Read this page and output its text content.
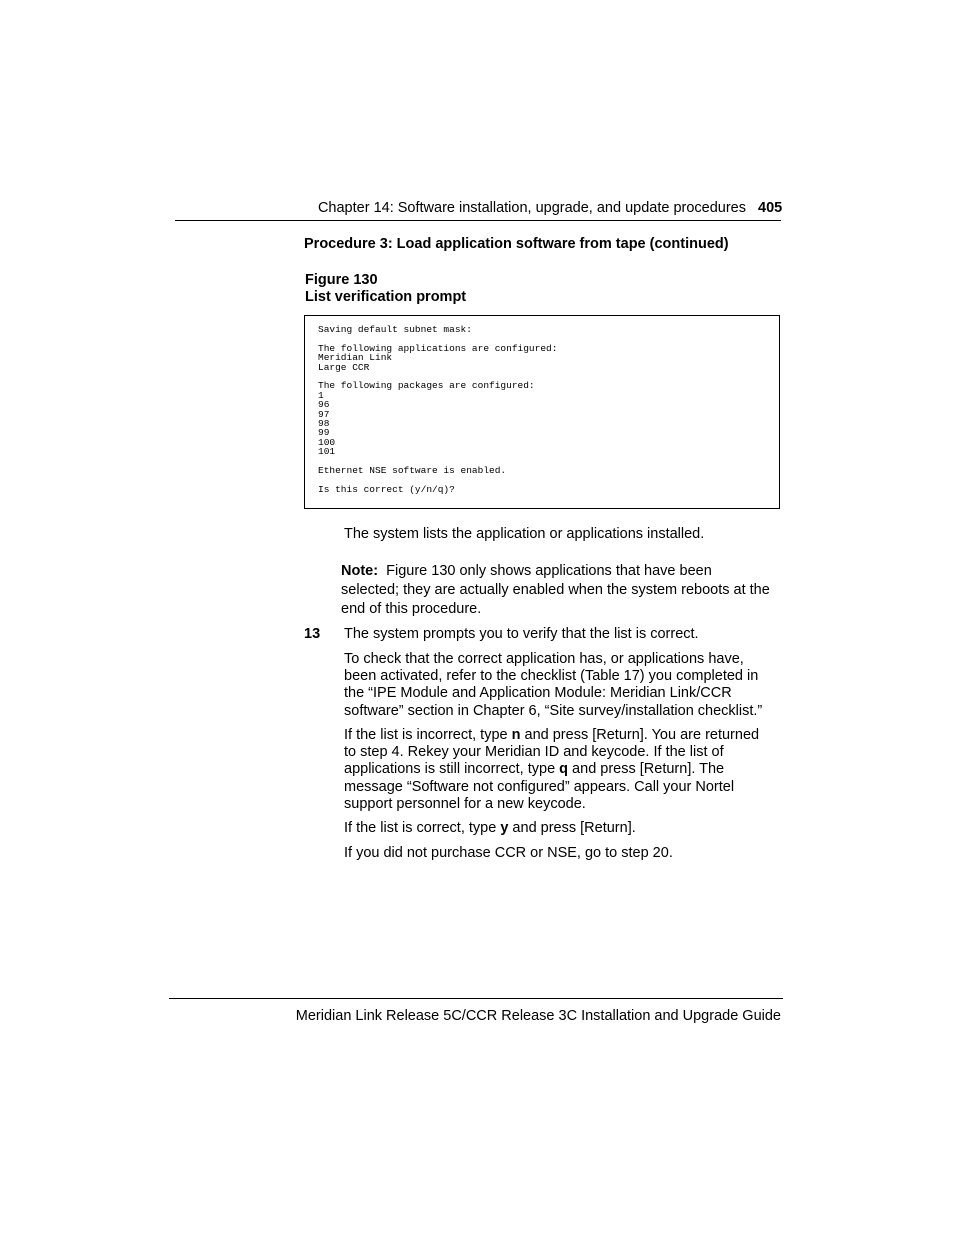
Chapter 14: Software installation, upgrade, and update procedures 405
Procedure 3: Load application software from tape (continued)
Figure 130
List verification prompt
Saving default subnet mask:

The following applications are configured:
Meridian Link
Large CCR

The following packages are configured:
1
96
97
98
99
100
101

Ethernet NSE software is enabled.

Is this correct (y/n/q)?
The system lists the application or applications installed.
Note: Figure 130 only shows applications that have been selected; they are actually enabled when the system reboots at the end of this procedure.
13 The system prompts you to verify that the list is correct.
To check that the correct application has, or applications have, been activated, refer to the checklist (Table 17) you completed in the “IPE Module and Application Module: Meridian Link/CCR software” section in Chapter 6, “Site survey/installation checklist.”
If the list is incorrect, type n and press [Return]. You are returned to step 4. Rekey your Meridian ID and keycode. If the list of applications is still incorrect, type q and press [Return]. The message “Software not configured” appears. Call your Nortel support personnel for a new keycode.
If the list is correct, type y and press [Return].
If you did not purchase CCR or NSE, go to step 20.
Meridian Link Release 5C/CCR Release 3C Installation and Upgrade Guide
